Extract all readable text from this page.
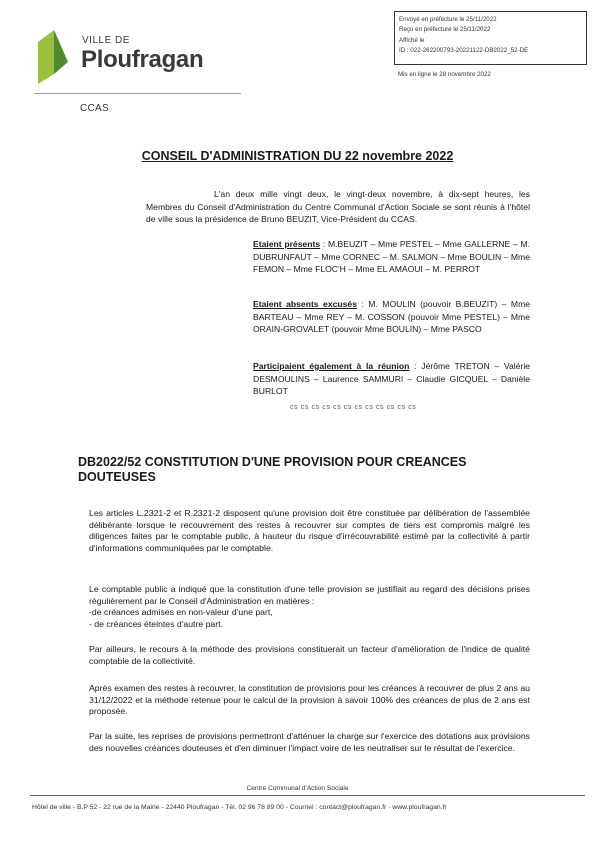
VILLE DE
Ploufragan
CCAS
Envoyé en préfecture le 25/11/2022
Reçu en préfecture le 25/11/2022
Affiché le
ID : 022-262200793-20221122-DB2022_52-DE
Mis en ligne le 28 novembre 2022
CONSEIL D'ADMINISTRATION DU 22 novembre 2022
L'an deux mille vingt deux, le vingt-deux novembre, à dix-sept heures, les Membres du Conseil d'Administration du Centre Communal d'Action Sociale se sont réunis à l'hôtel de ville sous la présidence de Bruno BEUZIT, Vice-Président du CCAS.
Etaient présents : M.BEUZIT – Mme PESTEL – Mme GALLERNE – M. DUBRUNFAUT – Mme CORNEC – M. SALMON – Mme BOULIN – Mme FEMON – Mme FLOC'H – Mme EL AMAOUI – M. PERROT
Etaient absents excusés : M. MOULIN (pouvoir B.BEUZIT) – Mme BARTEAU – Mme REY – M. COSSON (pouvoir Mme PESTEL) – Mme ORAIN-GROVALET (pouvoir Mme BOULIN) – Mme PASCO
Participaient également à la réunion : Jérôme TRETON – Valérie DESMOULINS – Laurence SAMMURI – Claudie GICQUEL – Danièle BURLOT
cs cs cs cs cs cs cs cs cs cs cs cs
DB2022/52 CONSTITUTION D'UNE PROVISION POUR CREANCES DOUTEUSES
Les articles L.2321-2 et R.2321-2 disposent qu'une provision doit être constituée par délibération de l'assemblée délibérante lorsque le recouvrement des restes à recouvrer sur comptes de tiers est compromis malgré les diligences faites par le comptable public, à hauteur du risque d'irrécouvrabilité estimé par la collectivité à partir d'informations communiquées par le comptable.
Le comptable public a indiqué que la constitution d'une telle provision se justifiait au regard des décisions prises régulièrement par le Conseil d'Administration en matières :
-de créances admises en non-valeur d'une part,
- de créances éteintes d'autre part.
Par ailleurs, le recours à la méthode des provisions constituerait un facteur d'amélioration de l'indice de qualité comptable de la collectivité.
Après examen des restes à recouvrer, la constitution de provisions pour les créances à recouvrer de plus 2 ans au 31/12/2022 et la méthode retenue pour le calcul de la provision à savoir 100% des créances de plus de 2 ans est proposée.
Par la suite, les reprises de provisions permettront d'atténuer la charge sur l'exercice des dotations aux provisions des nouvelles créances douteuses et d'en diminuer l'impact voire de les neutraliser sur le résultat de l'exercice.
Centre Communal d'Action Sociale
Hôtel de ville - B.P 52 - 22 rue de la Mairie - 22440 Ploufragan - Tél. 02 96 78 89 00 - Courriel : contact@ploufragan.fr · www.ploufragan.fr
